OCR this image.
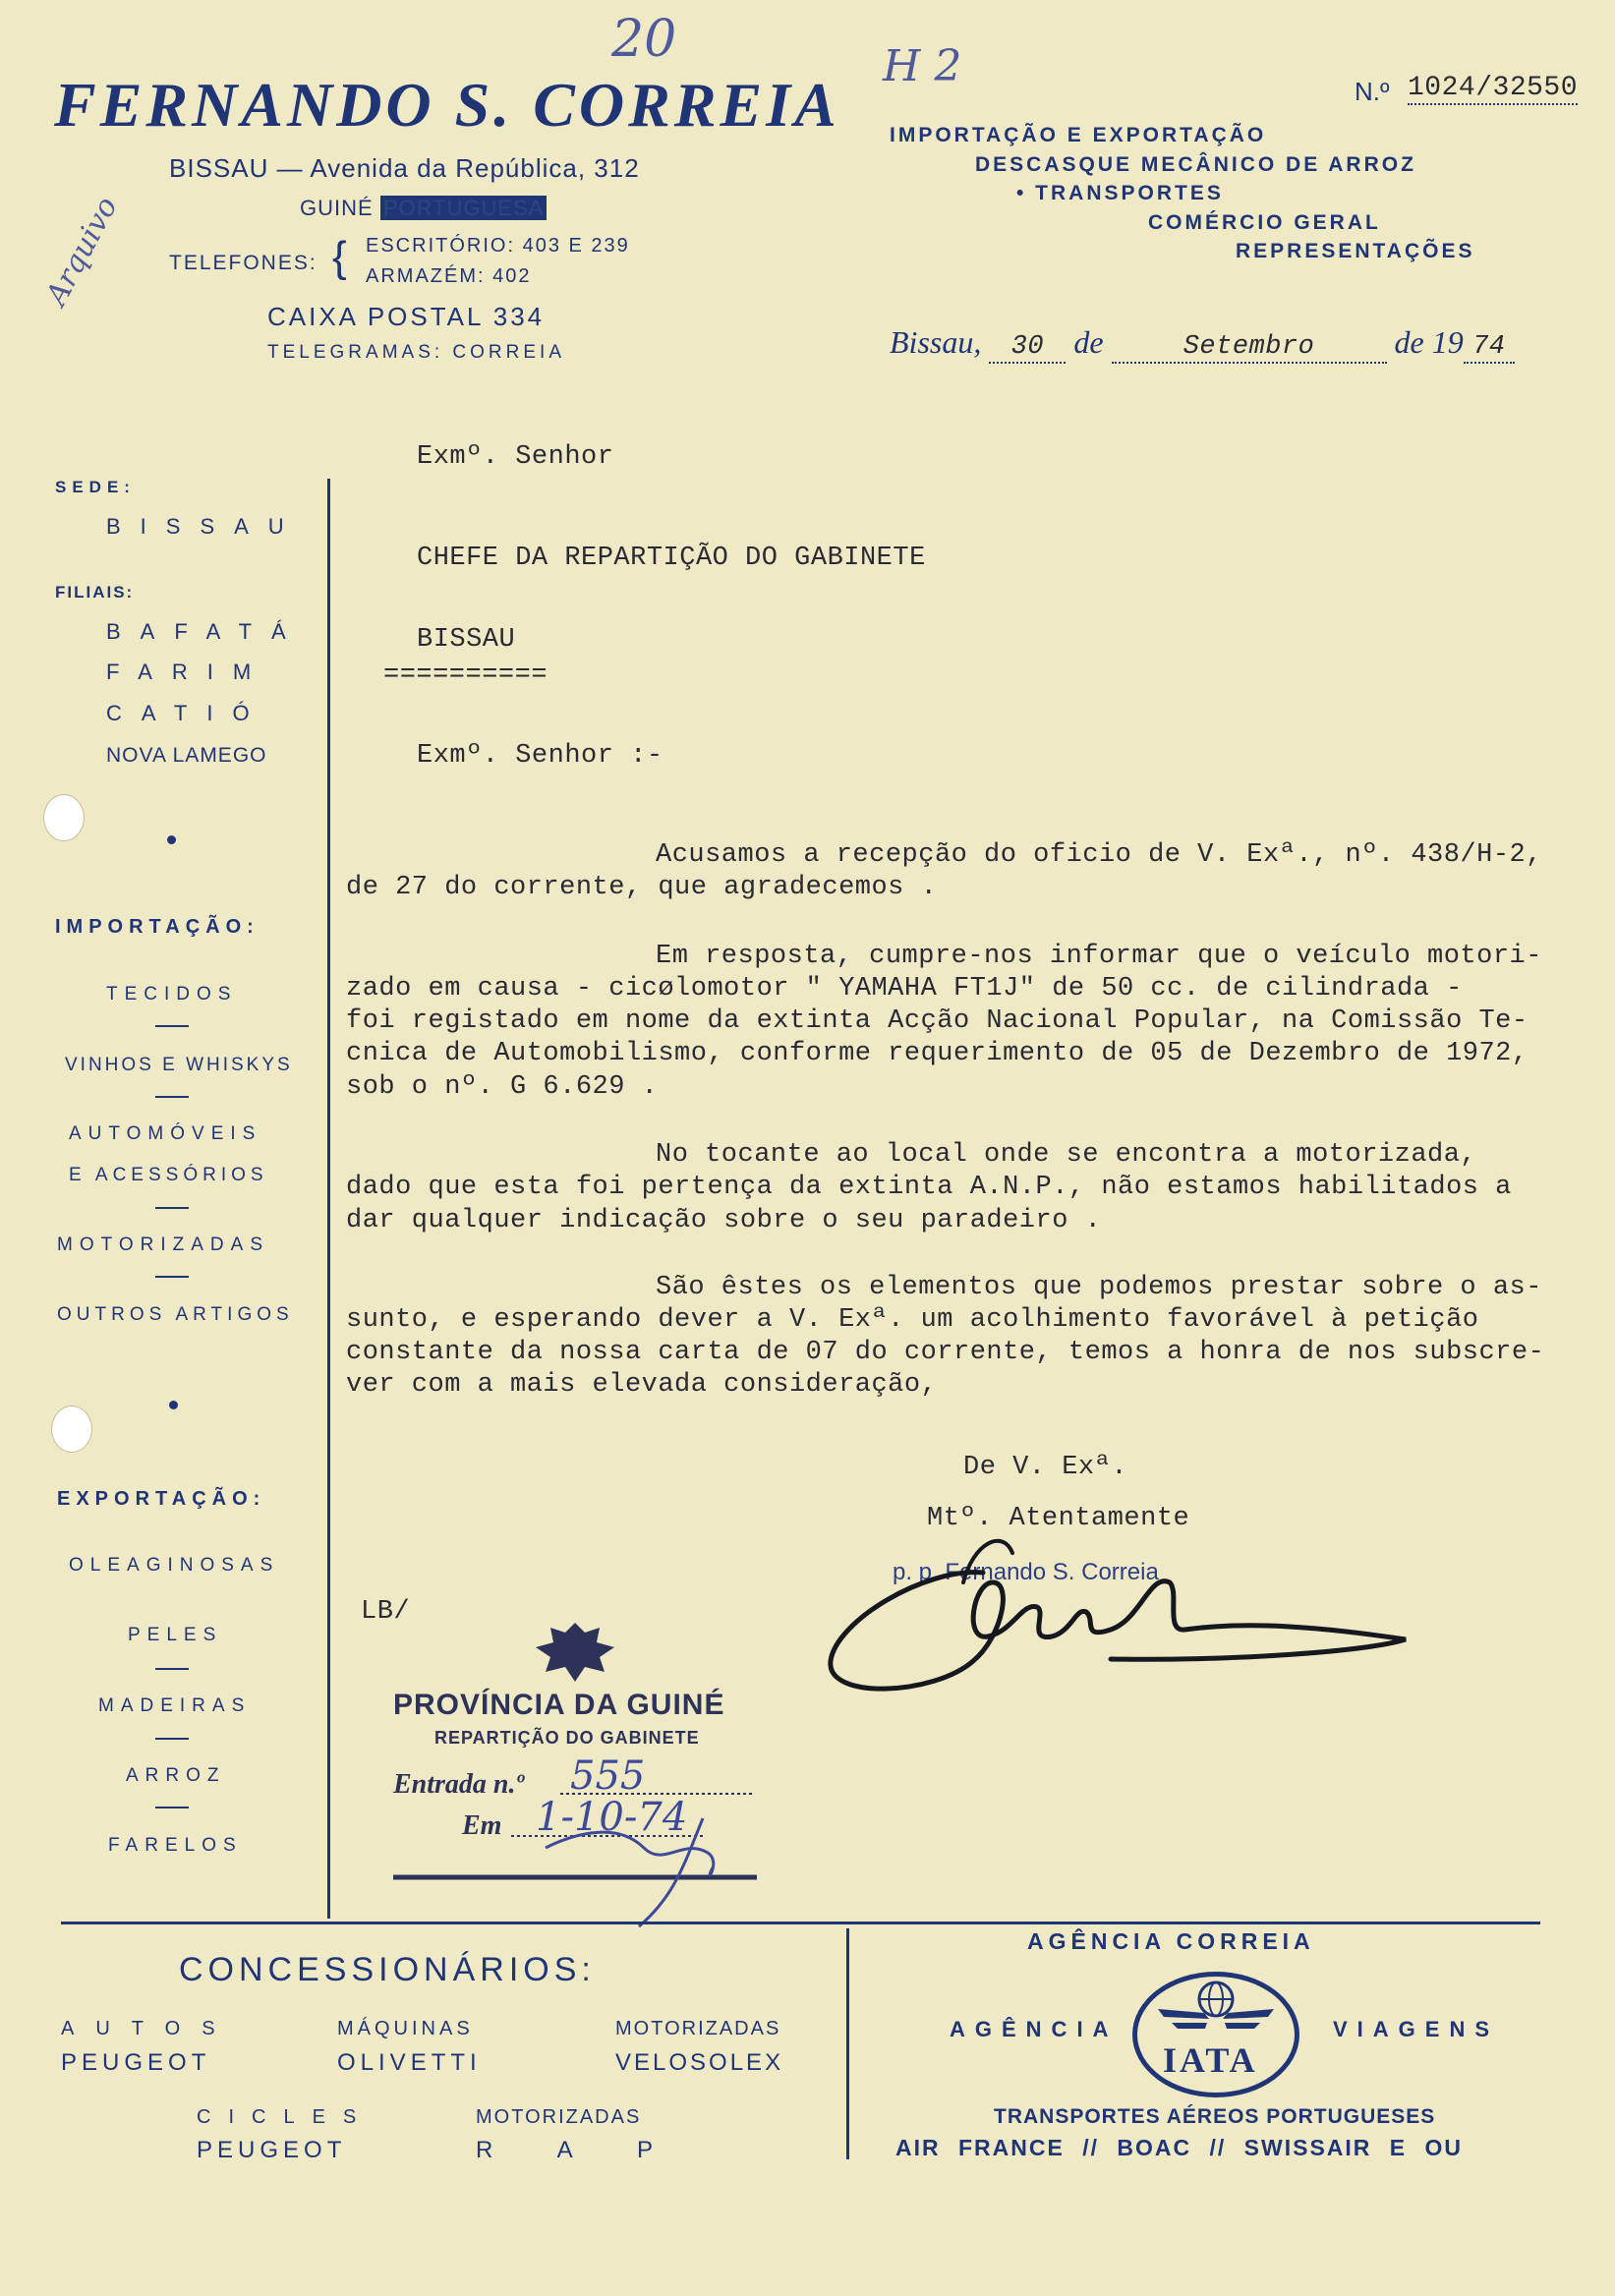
20	H 2
Arquivo
FERNANDO S. CORREIA
BISSAU — Avenida da República, 312
GUINÉ PORTUGUESA
TELEFONES: { ESCRITÓRIO: 403 E 239
ARMAZÉM: 402
CAIXA POSTAL 334
TELEGRAMAS: CORREIA
IMPORTAÇÃO E EXPORTAÇÃO
DESCASQUE MECÂNICO DE ARROZ
• TRANSPORTES
COMÉRCIO GERAL
REPRESENTAÇÕES
N.º 1024/32550
Bissau, 30 de	Setembro	de 19 74
SEDE:
BISSAU
FILIAIS:
BAFATÁ
FARIM
CATIÓ
NOVA LAMEGO
IMPORTAÇÃO:
TECIDOS
VINHOS E WHISKYS
AUTOMÓVEIS
E ACESSÓRIOS
MOTORIZADAS
OUTROS ARTIGOS
EXPORTAÇÃO:
OLEAGINOSAS
PELES
MADEIRAS
ARROZ
FARELOS
Exmº. Senhor
CHEFE DA REPARTIÇÃO DO GABINETE
BISSAU
==========
Exmº. Senhor :-
Acusamos a recepção do oficio de V. Exª., nº. 438/H-2,
de 27 do corrente, que agradecemos .
Em resposta, cumpre-nos informar que o veículo motori-
zado em causa - cicølomotor " YAMAHA FT1J" de 50 cc. de cilindrada -
foi registado em nome da extinta Acção Nacional Popular, na Comissão Te-
cnica de Automobilismo, conforme requerimento de 05 de Dezembro de 1972,
sob o nº. G 6.629 .
No tocante ao local onde se encontra a motorizada,
dado que esta foi pertença da extinta A.N.P., não estamos habilitados a
dar qualquer indicação sobre o seu paradeiro .
São êstes os elementos que podemos prestar sobre o as-
sunto, e esperando dever a V. Exª. um acolhimento favorável à petição
constante da nossa carta de 07 do corrente, temos a honra de nos subscre-
ver com a mais elevada consideração,
De V. Exª.
Mtº. Atentamente
p. p. Fernando S. Correia
LB/
PROVÍNCIA DA GUINÉ
REPARTIÇÃO DO GABINETE
Entrada n.º 555
Em 1-10-74
CONCESSIONÁRIOS:
AUTOS
PEUGEOT
MÁQUINAS
OLIVETTI
MOTORIZADAS
VELOSOLEX
CICLES
PEUGEOT
MOTORIZADAS
R A P
AGÊNCIA CORREIA
AGÊNCIA	VIAGENS
IATA
TRANSPORTES AÉREOS PORTUGUESES
AIR FRANCE // BOAC // SWISSAIR E OU
